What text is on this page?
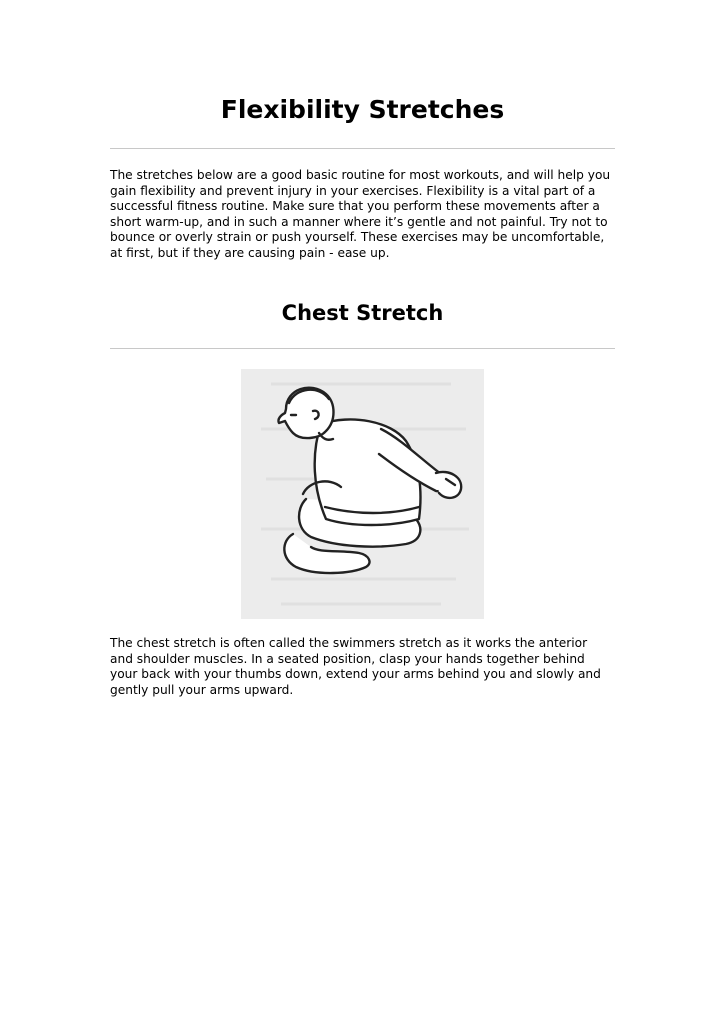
Flexibility Stretches

The stretches below are a good basic routine for most workouts, and will help you
gain flexibility and prevent injury in your exercises. Flexibility is a vital part of a
successful fitness routine. Make sure that you perform these movements after a
short warm-up, and in such a manner where it’s gentle and not painful. Try not to
bounce or overly strain or push yourself. These exercises may be uncomfortable,
at first, but if they are causing pain - ease up.

Chest Stretch

The chest stretch is often called the swimmers stretch as it works the anterior
and shoulder muscles. In a seated position, clasp your hands together behind
your back with your thumbs down, extend your arms behind you and slowly and
gently pull your arms upward.
